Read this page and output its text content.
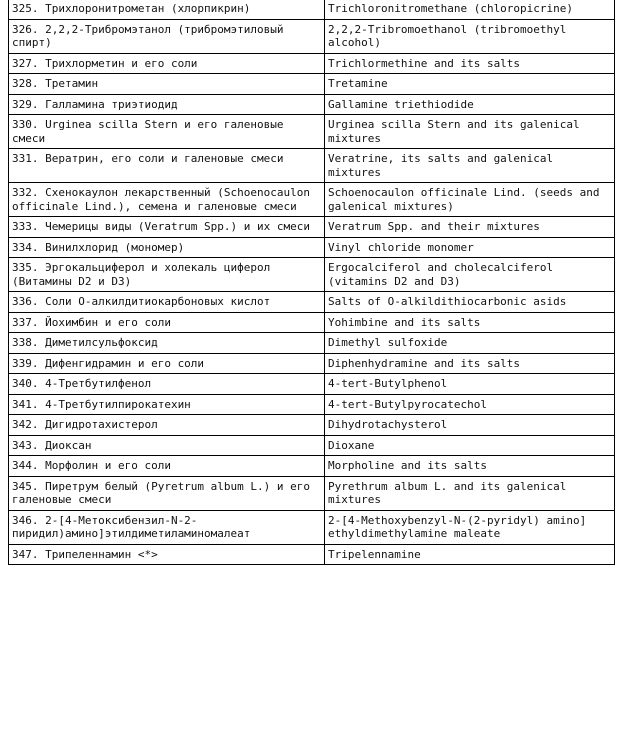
325. Трихлоронитрометан (хлорпикрин)	Trichloronitromethane (chloropicrine)
326. 2,2,2-Трибромэтанол (трибромэтиловый спирт)	2,2,2-Tribromoethanol (tribromoethyl alcohol)
327. Трихлорметин и его соли	Trichlormethine and its salts
328. Третамин	Tretamine
329. Галламина триэтиодид	Gallamine triethiodide
330. Urginea scilla Stern и его галеновые смеси	Urginea scilla Stern and its galenical mixtures
331. Вератрин, его соли и галеновые смеси	Veratrine, its salts and galenical mixtures
332. Схенокаулон лекарственный (Schoenocaulon officinale Lind.), семена и галеновые смеси	Schoenocaulon officinale Lind. (seeds and galenical mixtures)
333. Чемерицы виды (Veratrum Spp.) и их смеси	Veratrum Spp. and their mixtures
334. Винилхлорид (мономер)	Vinyl chloride monomer
335. Эргокальциферол и холекаль циферол (Витамины D2 и D3)	Ergocalciferol and cholecalciferol (vitamins D2 and D3)
336. Соли O-алкилдитиокарбоновых кислот	Salts of O-alkildithiocarbonic asids
337. Йохимбин и его соли	Yohimbine and its salts
338. Диметилсульфоксид	Dimethyl sulfoxide
339. Дифенгидрамин и его соли	Diphenhydramine and its salts
340. 4-Третбутилфенол	4-tert-Butylphenol
341. 4-Третбутилпирокатехин	4-tert-Butylpyrocatechol
342. Дигидротахистерол	Dihydrotachysterol
343. Диоксан	Dioxane
344. Морфолин и его соли	Morpholine and its salts
345. Пиретрум белый (Pyretrum album L.) и его галеновые смеси	Pyrethrum album L. and its galenical mixtures
346. 2-[4-Метоксибензил-N-2-пиридил)амино]этилдиметиламиномалеат	2-[4-Methoxybenzyl-N-(2-pyridyl) amino] ethyldimethylamine maleate
347. Трипеленнамин <*>	Tripelennamine
